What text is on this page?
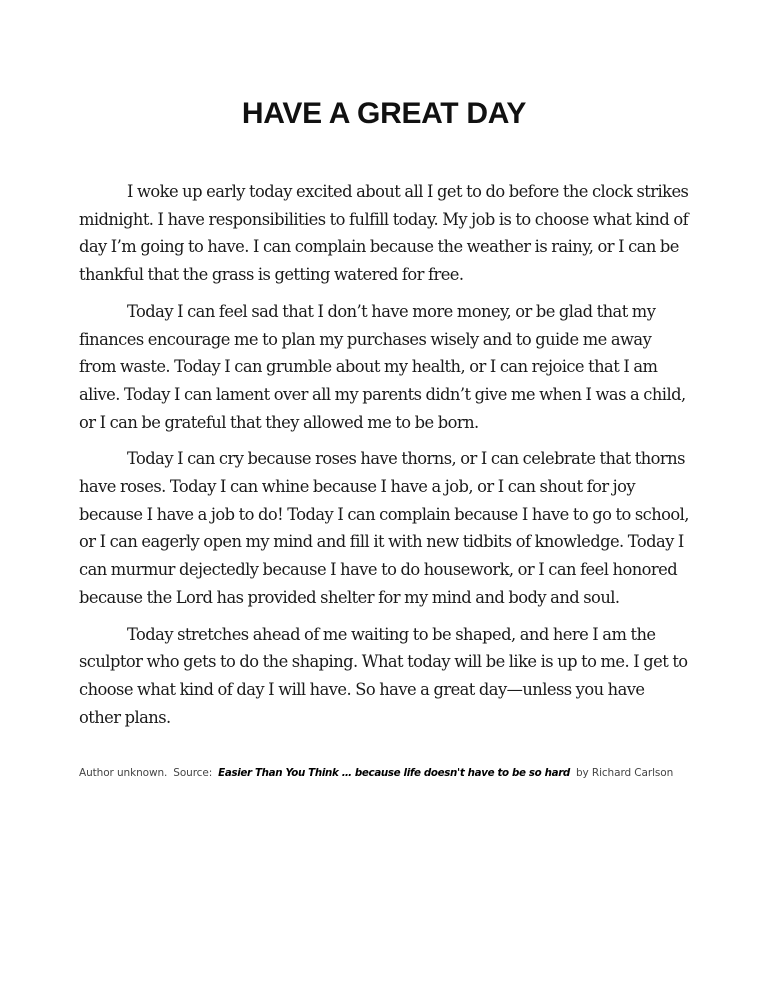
HAVE A GREAT DAY

I woke up early today excited about all I get to do before the clock strikes midnight. I have responsibilities to fulfill today. My job is to choose what kind of day I’m going to have. I can complain because the weather is rainy, or I can be thankful that the grass is getting watered for free.

Today I can feel sad that I don’t have more money, or be glad that my finances encourage me to plan my purchases wisely and to guide me away from waste. Today I can grumble about my health, or I can rejoice that I am alive. Today I can lament over all my parents didn’t give me when I was a child, or I can be grateful that they allowed me to be born.

Today I can cry because roses have thorns, or I can celebrate that thorns have roses. Today I can whine because I have a job, or I can shout for joy because I have a job to do! Today I can complain because I have to go to school, or I can eagerly open my mind and fill it with new tidbits of knowledge. Today I can murmur dejectedly because I have to do housework, or I can feel honored because the Lord has provided shelter for my mind and body and soul.

Today stretches ahead of me waiting to be shaped, and here I am the sculptor who gets to do the shaping. What today will be like is up to me. I get to choose what kind of day I will have. So have a great day—unless you have other plans.

Author unknown. Source: Easier Than You Think … because life doesn't have to be so hard by Richard Carlson
